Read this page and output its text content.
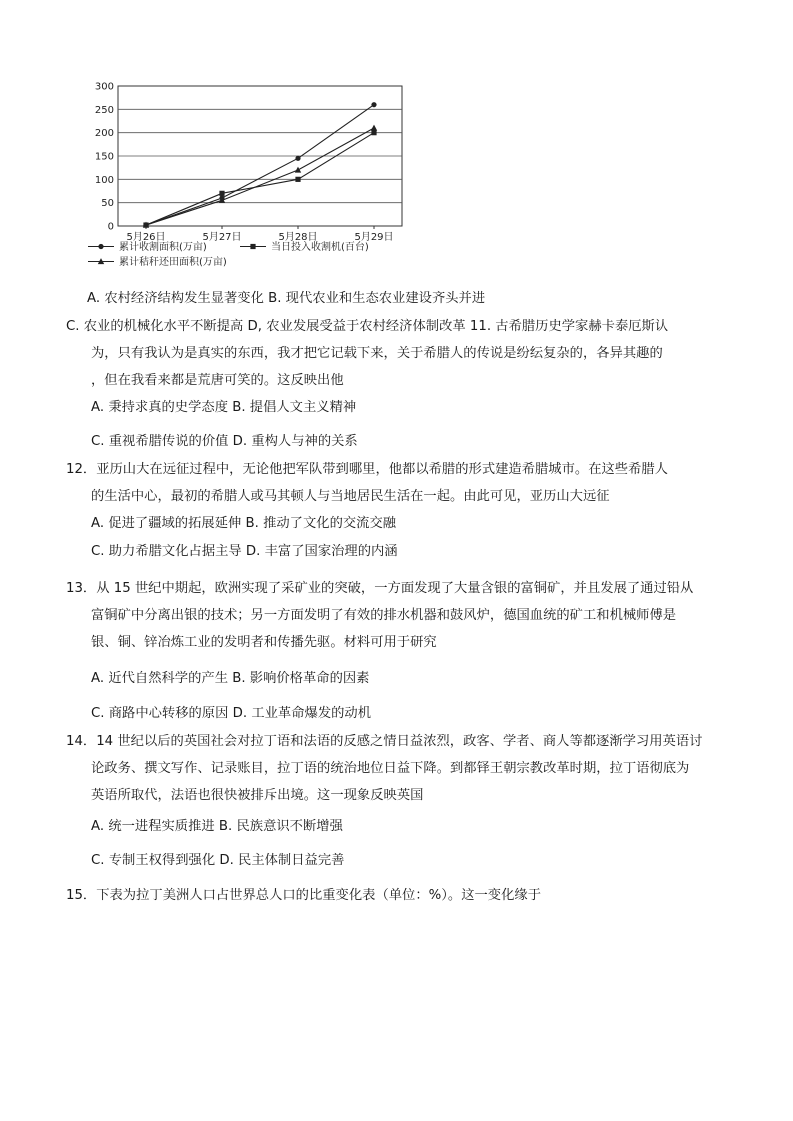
0
50
100
150
200
250
300
5月26日	5月27日	5月28日	5月29日
累计收割面积(万亩)	当日投入收割机(百台)
累计秸秆还田面积(万亩)
A. 农村经济结构发生显著变化 B. 现代农业和生态农业建设齐头并进
C. 农业的机械化水平不断提高 D, 农业发展受益于农村经济体制改革 11. 古希腊历史学家赫卡泰厄斯认
为，只有我认为是真实的东西，我才把它记载下来，关于希腊人的传说是纷纭复杂的，各异其趣的
，但在我看来都是荒唐可笑的。这反映出他
A. 秉持求真的史学态度 B. 提倡人文主义精神
C. 重视希腊传说的价值 D. 重构人与神的关系
12．亚历山大在远征过程中，无论他把军队带到哪里，他都以希腊的形式建造希腊城市。在这些希腊人
的生活中心，最初的希腊人或马其顿人与当地居民生活在一起。由此可见，亚历山大远征
A. 促进了疆域的拓展延伸 B. 推动了文化的交流交融
C. 助力希腊文化占据主导 D. 丰富了国家治理的内涵
13．从 15 世纪中期起，欧洲实现了采矿业的突破，一方面发现了大量含银的富铜矿，并且发展了通过铅从
富铜矿中分离出银的技术；另一方面发明了有效的排水机器和鼓风炉，德国血统的矿工和机械师傅是
银、铜、锌冶炼工业的发明者和传播先驱。材料可用于研究
A. 近代自然科学的产生 B. 影响价格革命的因素
C. 商路中心转移的原因 D. 工业革命爆发的动机
14．14 世纪以后的英国社会对拉丁语和法语的反感之情日益浓烈，政客、学者、商人等都逐渐学习用英语讨
论政务、撰文写作、记录账目，拉丁语的统治地位日益下降。到都铎王朝宗教改革时期，拉丁语彻底为
英语所取代，法语也很快被排斥出境。这一现象反映英国
A. 统一进程实质推进 B. 民族意识不断增强
C. 专制王权得到强化 D. 民主体制日益完善
15．下表为拉丁美洲人口占世界总人口的比重变化表（单位：%）。这一变化缘于
